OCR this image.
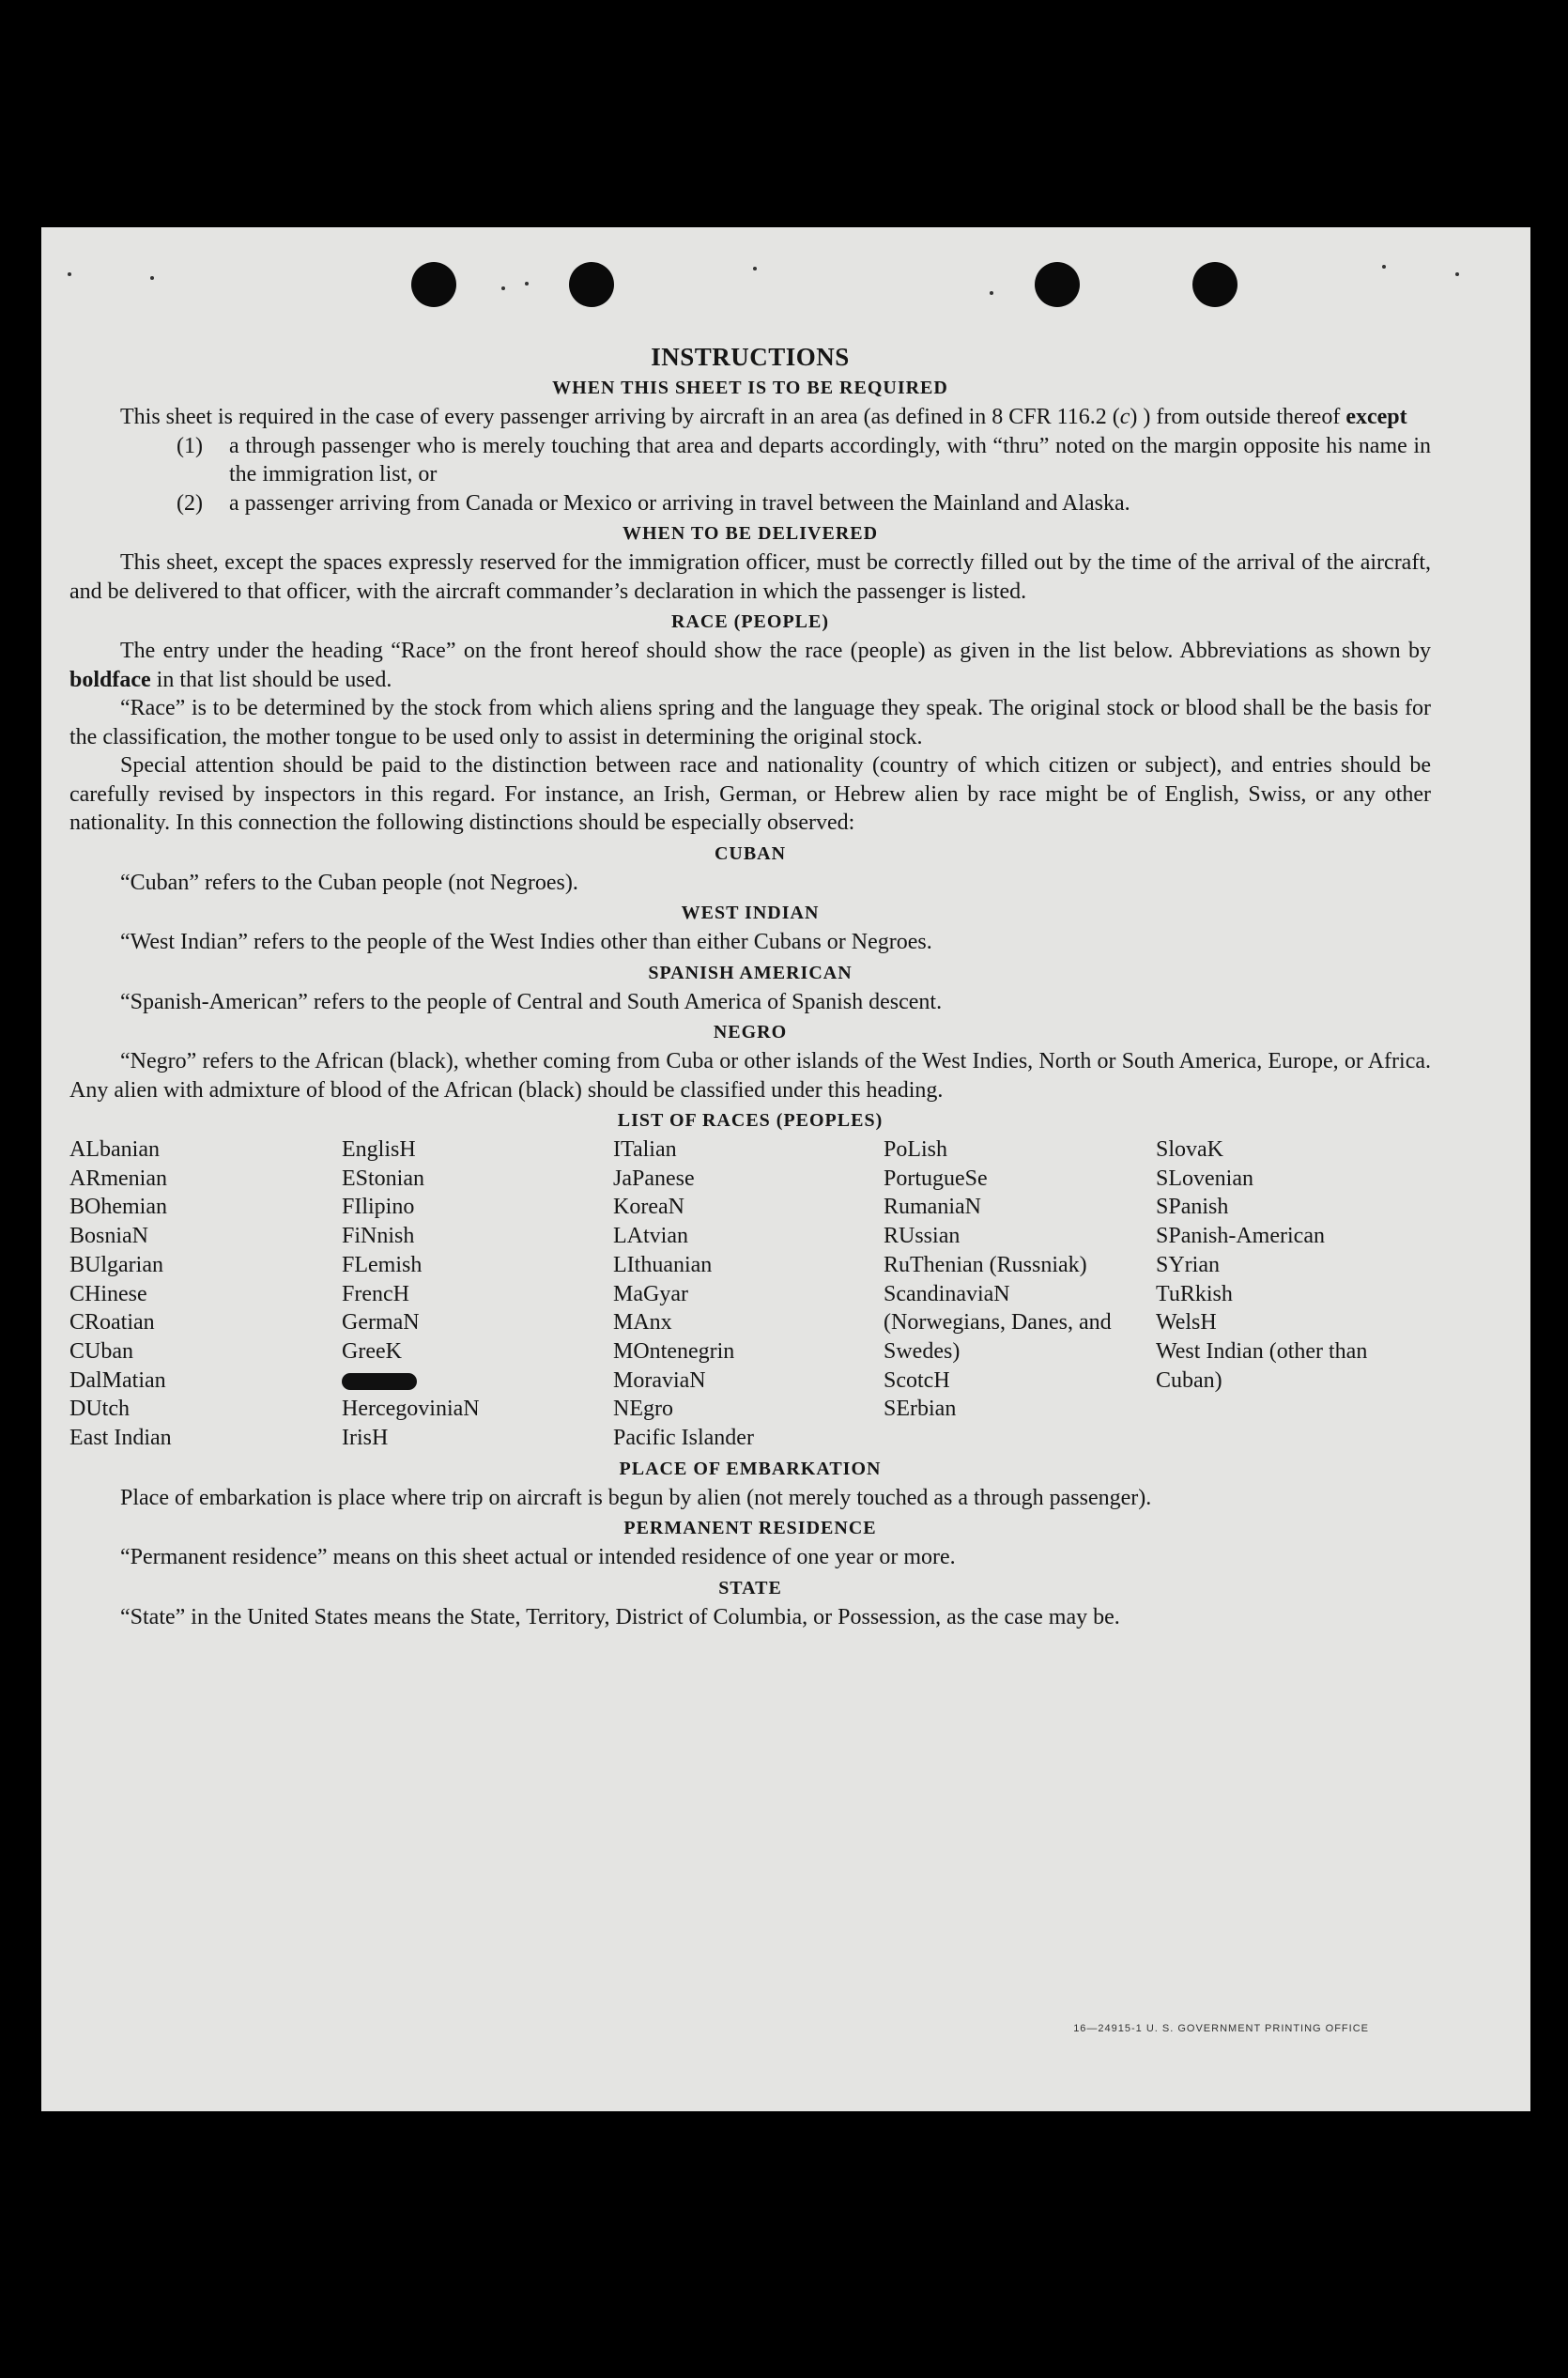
INSTRUCTIONS
WHEN THIS SHEET IS TO BE REQUIRED

This sheet is required in the case of every passenger arriving by aircraft in an area (as defined in 8 CFR 116.2 (c) ) from outside thereof except

(1)	a through passenger who is merely touching that area and departs accordingly, with “thru” noted on the margin opposite his name in the immigration list, or
(2)	a passenger arriving from Canada or Mexico or arriving in travel between the Mainland and Alaska.
WHEN TO BE DELIVERED

This sheet, except the spaces expressly reserved for the immigration officer, must be correctly filled out by the time of the arrival of the aircraft, and be delivered to that officer, with the aircraft commander’s declaration in which the passenger is listed.

RACE (PEOPLE)

The entry under the heading “Race” on the front hereof should show the race (people) as given in the list below. Abbreviations as shown by boldface in that list should be used.

“Race” is to be determined by the stock from which aliens spring and the language they speak. The original stock or blood shall be the basis for the classification, the mother tongue to be used only to assist in determining the original stock.

Special attention should be paid to the distinction between race and nationality (country of which citizen or subject), and entries should be carefully revised by inspectors in this regard. For instance, an Irish, German, or Hebrew alien by race might be of English, Swiss, or any other nationality. In this connection the following distinctions should be especially observed:

CUBAN

“Cuban” refers to the Cuban people (not Negroes).

WEST INDIAN

“West Indian” refers to the people of the West Indies other than either Cubans or Negroes.

SPANISH AMERICAN

“Spanish-American” refers to the people of Central and South America of Spanish descent.

NEGRO

“Negro” refers to the African (black), whether coming from Cuba or other islands of the West Indies, North or South America, Europe, or Africa. Any alien with admixture of blood of the African (black) should be classified under this heading.

LIST OF RACES (PEOPLES)
ALbanian
ARmenian
BOhemian
BosniaN
BUlgarian
CHinese
CRoatian
CUban
DalMatian
DUtch
East Indian
EnglisH
EStonian
FIlipino
FiNnish
FLemish
FrencH
GermaN
GreeK
HercegoviniaN
IrisH
ITalian
JaPanese
KoreaN
LAtvian
LIthuanian
MaGyar
MAnx
MOntenegrin
MoraviaN
NEgro
Pacific Islander
PoLish
PortugueSe
RumaniaN
RUssian
RuThenian (Russniak)
ScandinaviaN (Norwegians, Danes, and Swedes)
ScotcH
SErbian
SlovaK
SLovenian
SPanish
SPanish-American
SYrian
TuRkish
WelsH
West Indian (other than Cuban)
PLACE OF EMBARKATION

Place of embarkation is place where trip on aircraft is begun by alien (not merely touched as a through passenger).

PERMANENT RESIDENCE

“Permanent residence” means on this sheet actual or intended residence of one year or more.

STATE

“State” in the United States means the State, Territory, District of Columbia, or Possession, as the case may be.

16—24915-1 U. S. GOVERNMENT PRINTING OFFICE
